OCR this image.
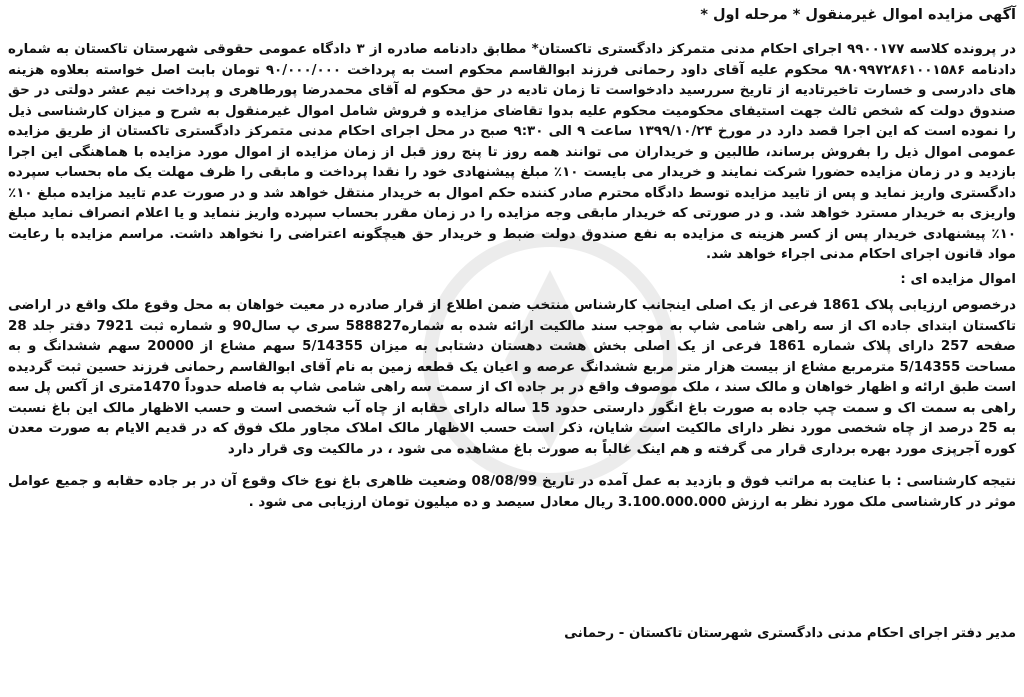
آگهی مزایده اموال غیرمنقول * مرحله اول *

در پرونده کلاسه ۹۹۰۰۱۷۷ اجرای احکام مدنی متمرکز دادگستری تاکستان* مطابق دادنامه صادره از ۳ دادگاه عمومی حقوقی شهرستان تاکستان به شماره دادنامه ۹۸۰۹۹۷۲۸۶۱۰۰۱۵۸۶ محکوم علیه آقای داود رحمانی فرزند ابوالقاسم محکوم است به پرداخت ۹۰/۰۰۰/۰۰۰ تومان بابت اصل خواسته بعلاوه هزینه های دادرسی و خسارت تاخیرتادیه از تاریخ سررسید دادخواست تا زمان تادیه در حق محکوم له آقای محمدرضا پورطاهری و پرداخت نیم عشر دولتی در حق صندوق دولت که شخص ثالث جهت استیفای محکومیت محکوم علیه بدوا تقاضای مزایده و فروش شامل اموال غیرمنقول به شرح و میزان کارشناسی ذیل را نموده است که این اجرا قصد دارد در مورخ ۱۳۹۹/۱۰/۲۴ ساعت ۹ الی ۹:۳۰ صبح در محل اجرای احکام مدنی متمرکز دادگستری تاکستان از طریق مزایده عمومی اموال ذیل را بفروش برساند، طالبین و خریداران می توانند همه روز تا پنج روز قبل از زمان مزایده از اموال مورد مزایده با هماهنگی این اجرا بازدید و در زمان مزایده حضورا شرکت نمایند و خریدار می بایست ۱۰٪ مبلغ پیشنهادی خود را نقدا پرداخت و مابقی را ظرف مهلت یک ماه بحساب سپرده دادگستری واریز نماید و پس از تایید مزایده توسط دادگاه محترم صادر کننده حکم اموال به خریدار منتقل خواهد شد و در صورت عدم تایید مزایده مبلغ ۱۰٪ واریزی به خریدار مسترد خواهد شد. و در صورتی که خریدار مابقی وجه مزایده را در زمان مقرر بحساب سپرده واریز ننماید و یا اعلام انصراف نماید مبلغ ۱۰٪ پیشنهادی خریدار پس از کسر هزینه ی مزایده به نفع صندوق دولت ضبط و خریدار حق هیچگونه اعتراضی را نخواهد داشت. مراسم مزایده با رعایت مواد قانون اجرای احکام مدنی اجراء خواهد شد.

اموال مزایده ای :

درخصوص ارزیابی پلاک 1861 فرعی از یک اصلی اینجانب کارشناس منتخب ضمن اطلاع از قرار صادره در معیت خواهان به محل وقوع ملک واقع در اراضی تاکستان ابتدای جاده اک از سه راهی شامی شاپ به موجب سند مالکیت ارائه شده به شماره588827 سری پ سال90 و شماره ثبت 7921 دفتر جلد 28 صفحه 257 دارای پلاک شماره 1861 فرعی از یک اصلی بخش هشت دهستان دشتابی به میزان 5/14355 سهم مشاع از 20000 سهم ششدانگ و به مساحت 5/14355 مترمربع مشاع از بیست هزار متر مربع ششدانگ عرصه و اعیان یک قطعه زمین به نام آقای ابوالقاسم رحمانی فرزند حسین ثبت گردیده است طبق ارائه و اظهار خواهان و مالک سند ، ملک موصوف واقع در بر جاده اک از سمت سه راهی شامی شاپ به فاصله حدوداً 1470متری از آکس پل سه راهی به سمت اک و سمت چپ جاده به صورت باغ انگور دارستی حدود 15 ساله دارای حقابه از چاه آب شخصی است و حسب الاظهار مالک این باغ نسبت به 25 درصد از چاه شخصی مورد نظر دارای مالکیت است شایان، ذکر است حسب الاظهار مالک املاک مجاور ملک فوق که در قدیم الایام به صورت معدن کوره آجرپزی مورد بهره برداری قرار می گرفته و هم اینک غالباً به صورت باغ مشاهده می شود ، در مالکیت وی قرار دارد

نتیجه کارشناسی : با عنایت به مراتب فوق و بازدید به عمل آمده در تاریخ 08/08/99 وضعیت ظاهری باغ نوع خاک وقوع آن در بر جاده حقابه و جمیع عوامل موثر در کارشناسی ملک مورد نظر به ارزش 3.100.000.000 ریال معادل سیصد و ده میلیون تومان ارزیابی می شود .

مدیر دفتر اجرای احکام مدنی دادگستری شهرستان تاکستان - رحمانی
